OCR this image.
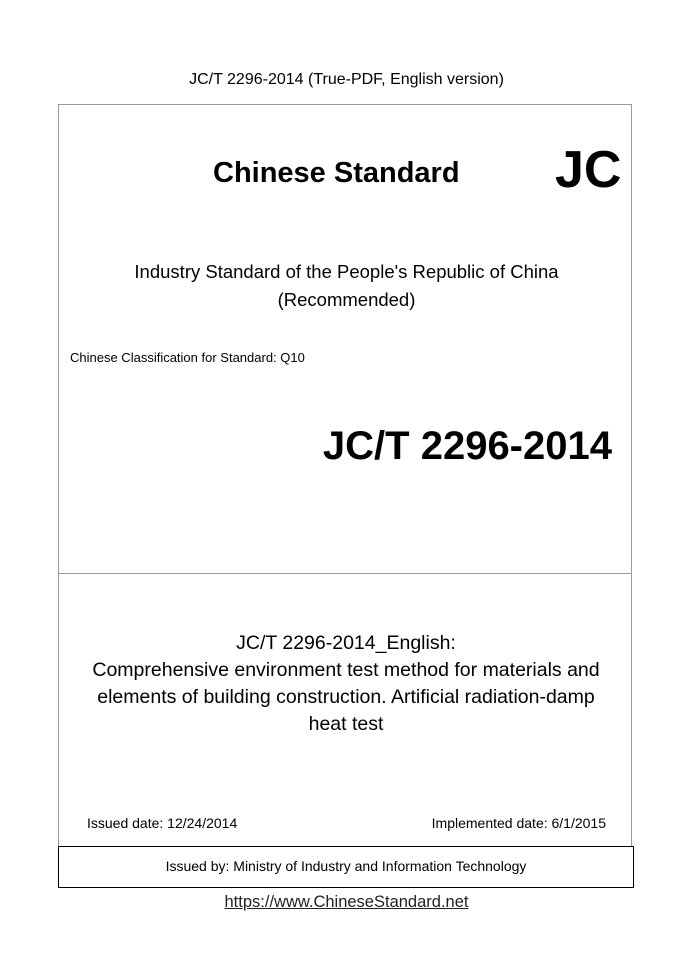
JC/T 2296-2014 (True-PDF, English version)
Chinese Standard JC
Industry Standard of the People's Republic of China
(Recommended)
Chinese Classification for Standard: Q10
JC/T 2296-2014
JC/T 2296-2014_English:
Comprehensive environment test method for materials and
elements of building construction. Artificial radiation-damp
heat test
Issued date: 12/24/2014	Implemented date: 6/1/2015
Issued by: Ministry of Industry and Information Technology
https://www.ChineseStandard.net
